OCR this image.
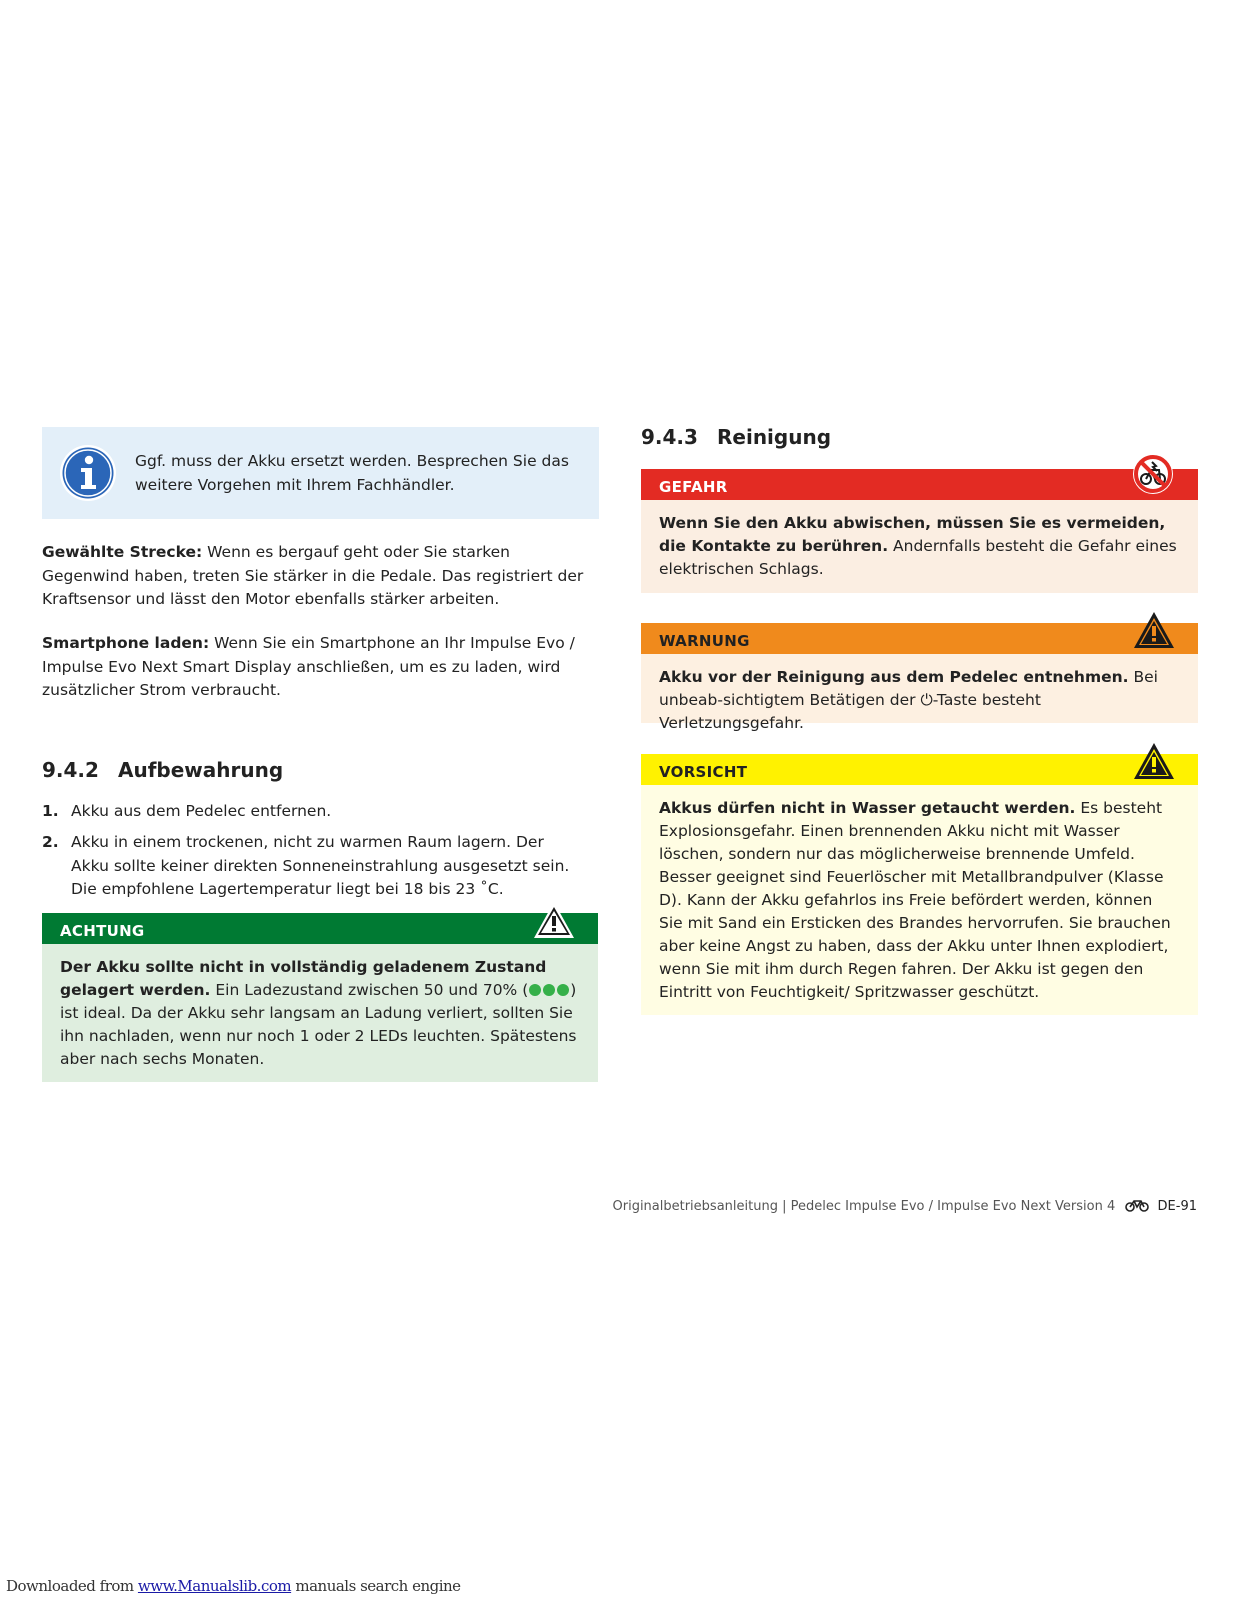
Ggf. muss der Akku ersetzt werden. Besprechen Sie das
weitere Vorgehen mit Ihrem Fachhändler.

Gewählte Strecke: Wenn es bergauf geht oder Sie starken Gegenwind haben, treten Sie stärker in die Pedale. Das registriert der Kraftsensor und lässt den Motor ebenfalls stärker arbeiten.

Smartphone laden: Wenn Sie ein Smartphone an Ihr Impulse Evo / Impulse Evo Next Smart Display anschließen, um es zu laden, wird zusätzlicher Strom verbraucht.

9.4.2 Aufbewahrung
1. Akku aus dem Pedelec entfernen.
2. Akku in einem trockenen, nicht zu warmen Raum lagern. Der Akku sollte keiner direkten Sonneneinstrahlung ausgesetzt sein. Die empfohlene Lagertemperatur liegt bei 18 bis 23 ˚C.
ACHTUNG
Der Akku sollte nicht in vollständig geladenem Zustand gelagert werden. Ein Ladezustand zwischen 50 und 70% (	) ist ideal. Da der Akku sehr langsam an Ladung verliert, sollten Sie ihn nachladen, wenn nur noch 1 oder 2 LEDs leuchten. Spätestens aber nach sechs Monaten.
9.4.3 Reinigung
GEFAHR
Wenn Sie den Akku abwischen, müssen Sie es vermeiden, die Kontakte zu berühren. Andernfalls besteht die Gefahr eines elektrischen Schlags.
WARNUNG
Akku vor der Reinigung aus dem Pedelec entnehmen. Bei unbeab-sichtigtem Betätigen der ⏻-Taste besteht Verletzungsgefahr.
VORSICHT
Akkus dürfen nicht in Wasser getaucht werden. Es besteht Explosionsgefahr. Einen brennenden Akku nicht mit Wasser löschen, sondern nur das möglicherweise brennende Umfeld. Besser geeignet sind Feuerlöscher mit Metallbrandpulver (Klasse D). Kann der Akku gefahrlos ins Freie befördert werden, können Sie mit Sand ein Ersticken des Brandes hervorrufen. Sie brauchen aber keine Angst zu haben, dass der Akku unter Ihnen explodiert, wenn Sie mit ihm durch Regen fahren. Der Akku ist gegen den Eintritt von Feuchtigkeit/ Spritzwasser geschützt.
Originalbetriebsanleitung | Pedelec Impulse Evo / Impulse Evo Next Version 4	DE-91
Downloaded from www.Manualslib.com manuals search engine
